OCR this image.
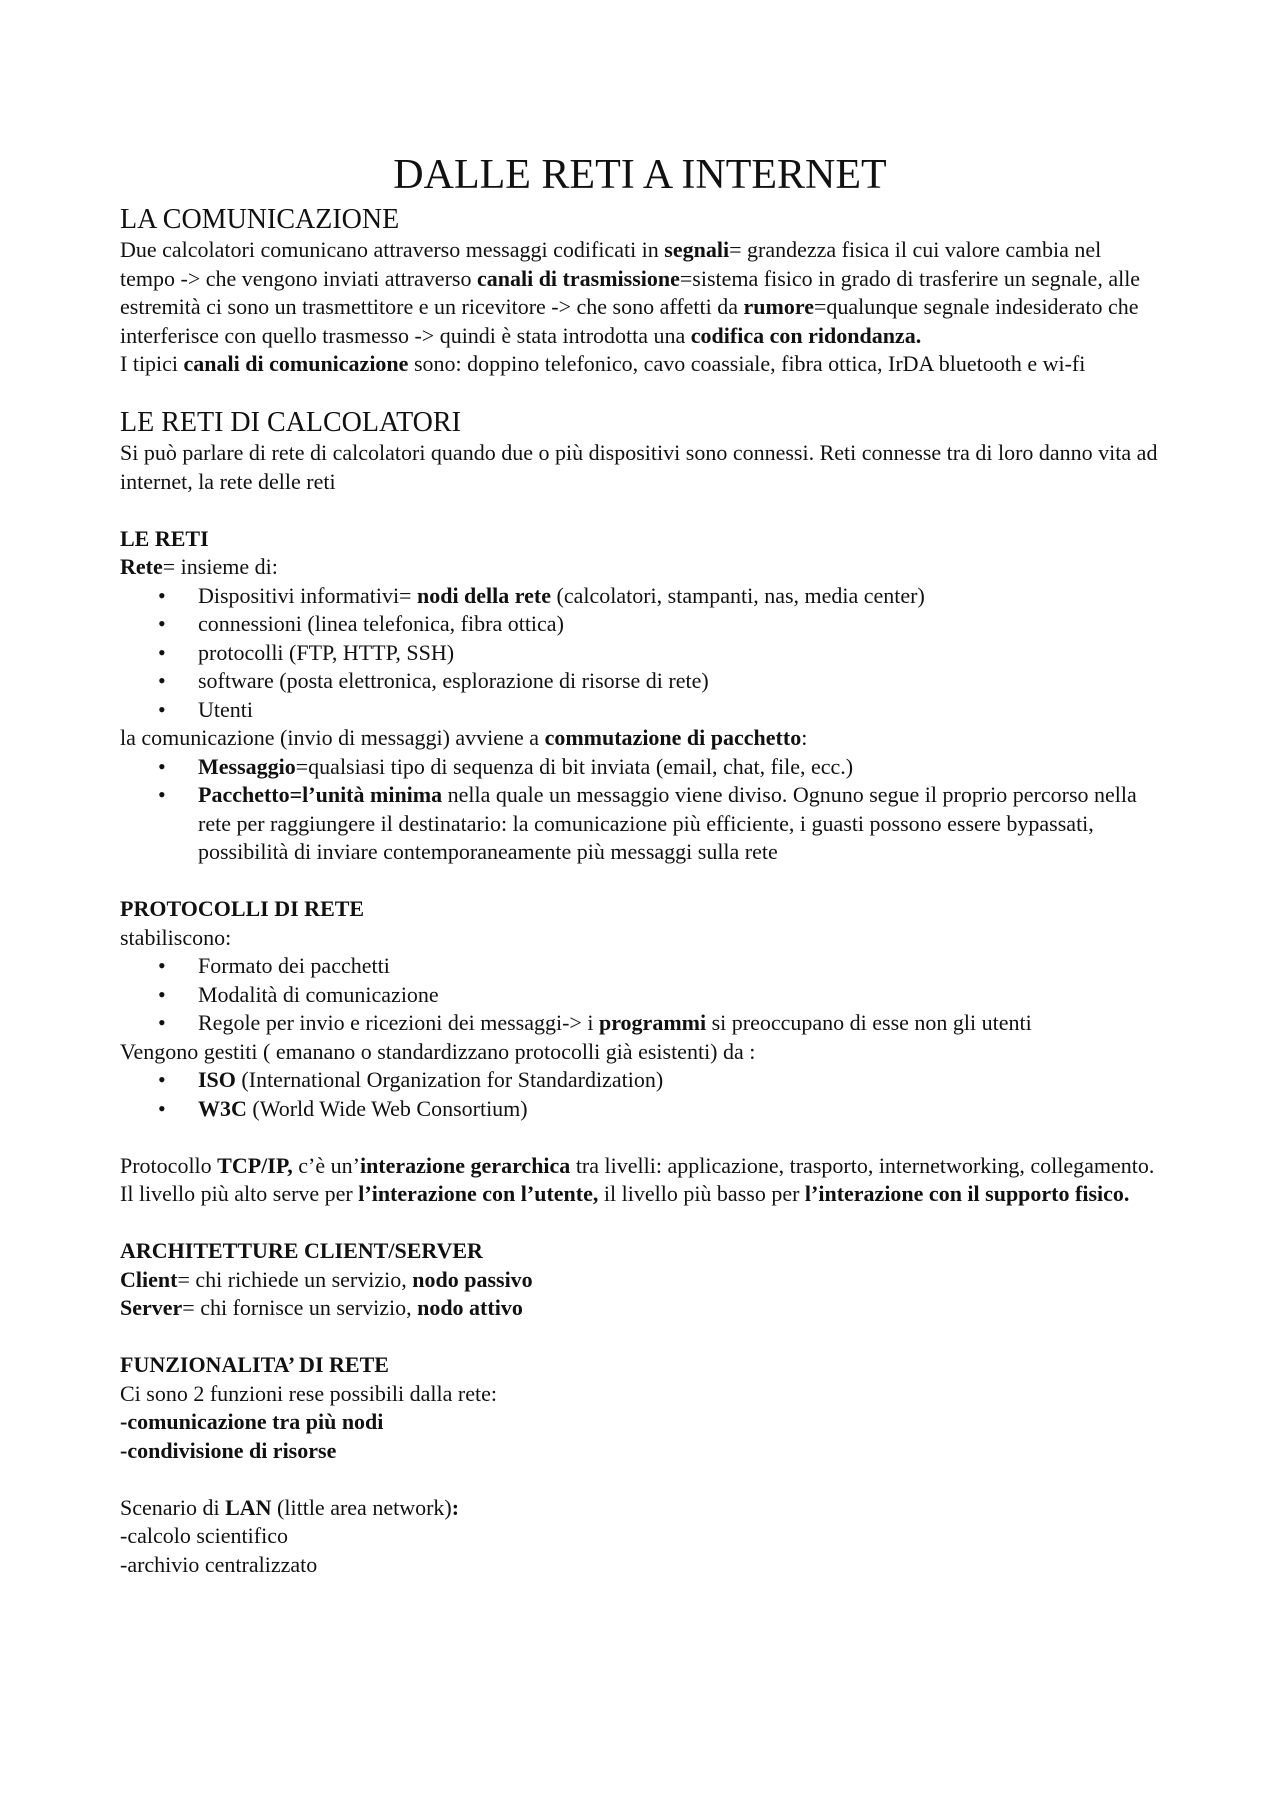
DALLE RETI A INTERNET
LA COMUNICAZIONE

Due calcolatori comunicano attraverso messaggi codificati in segnali= grandezza fisica il cui valore cambia nel tempo -> che vengono inviati attraverso canali di trasmissione=sistema fisico in grado di trasferire un segnale, alle estremità ci sono un trasmettitore e un ricevitore -> che sono affetti da rumore=qualunque segnale indesiderato che interferisce con quello trasmesso -> quindi è stata introdotta una codifica con ridondanza.

I tipici canali di comunicazione sono: doppino telefonico, cavo coassiale, fibra ottica, IrDA bluetooth e wi-fi

LE RETI DI CALCOLATORI

Si può parlare di rete di calcolatori quando due o più dispositivi sono connessi. Reti connesse tra di loro danno vita ad internet, la rete delle reti

LE RETI

Rete= insieme di:

• Dispositivi informativi= nodi della rete (calcolatori, stampanti, nas, media center)
• connessioni (linea telefonica, fibra ottica)
• protocolli (FTP, HTTP, SSH)
• software (posta elettronica, esplorazione di risorse di rete)
• Utenti

la comunicazione (invio di messaggi) avviene a commutazione di pacchetto:

• Messaggio=qualsiasi tipo di sequenza di bit inviata (email, chat, file, ecc.)
• Pacchetto=l’unità minima nella quale un messaggio viene diviso. Ognuno segue il proprio percorso nella rete per raggiungere il destinatario: la comunicazione più efficiente, i guasti possono essere bypassati, possibilità di inviare contemporaneamente più messaggi sulla rete

PROTOCOLLI DI RETE

stabiliscono:

• Formato dei pacchetti
• Modalità di comunicazione
• Regole per invio e ricezioni dei messaggi-> i programmi si preoccupano di esse non gli utenti

Vengono gestiti ( emanano o standardizzano protocolli già esistenti) da :

• ISO (International Organization for Standardization)
• W3C (World Wide Web Consortium)

Protocollo TCP/IP, c’è un’interazione gerarchica tra livelli: applicazione, trasporto, internetworking, collegamento. Il livello più alto serve per l’interazione con l’utente, il livello più basso per l’interazione con il supporto fisico.

ARCHITETTURE CLIENT/SERVER

Client= chi richiede un servizio, nodo passivo

Server= chi fornisce un servizio, nodo attivo

FUNZIONALITA’ DI RETE

Ci sono 2 funzioni rese possibili dalla rete:

-comunicazione tra più nodi

-condivisione di risorse

Scenario di LAN (little area network):

-calcolo scientifico

-archivio centralizzato
